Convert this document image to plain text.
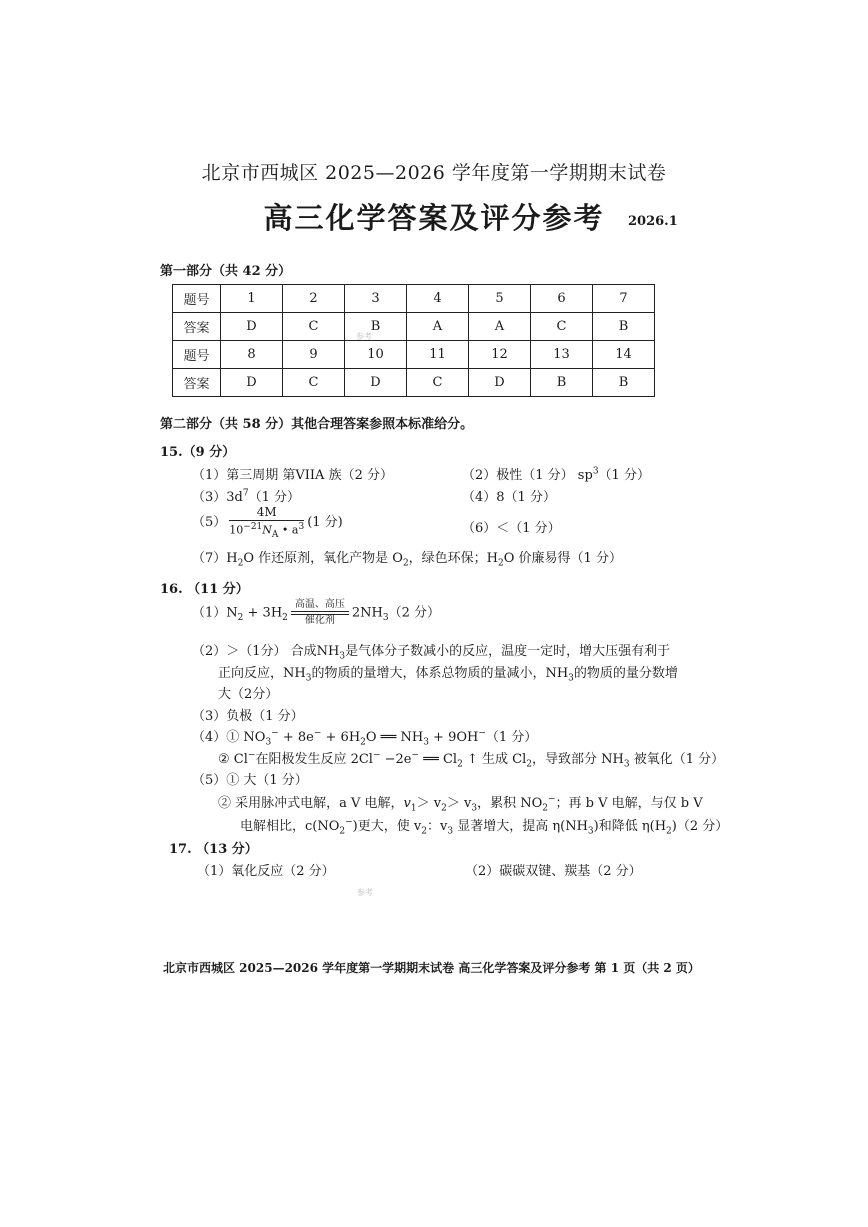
北京市西城区 2025—2026 学年度第一学期期末试卷
高三化学答案及评分参考	2026.1
第一部分（共 42 分）
题号	1	2	3	4	5	6	7
答案	D	C	B	A	A	C	B
题号	8	9	10	11	12	13	14
答案	D	C	D	C	D	B	B
参考
第二部分（共 58 分）其他合理答案参照本标准给分。
15.（9 分）
（1）第三周期 第VIIA 族（2 分）	（2）极性（1 分） $sp^3(1$ 分）
$(3)3d^7(1$ 分）	（4）8（1 分）
$(5) \frac{4M}{10^{-21}N_A • a^3} (1$ 分)	（6）＜（1 分）
$(7)H_2O$ 作还原剂，氧化产物是 $O_2$，绿色环保；$H_2O$ 价廉易得（1 分）
16. （11 分）
$(1)N_2 + 3H_2$
高温、高压
催化剂	$2NH_3(2$ 分）
（2）＞（1分） 合成$NH_3$是气体分子数减小的反应，温度一定时，增大压强有利于
正向反应，$NH_3$的物质的量增大，体系总物质的量减小，$NH_3$的物质的量分数增
大（2分）
（3）负极（1 分）
（4）① $NO_3^- + 8e^- + 6H_2O$ ══ $NH_3 + 9OH^-(1$ 分）
② Cl−在阳极发生反应 2Cl− −2e− ══ $Cl_2$ ↑ 生成 $Cl_2$，导致部分 $NH_3$ 被氧化（1 分）
（5）① 大（1 分）
② 采用脉冲式电解，a V 电解，$v_1> v_2> v_3$，累积 $NO_2^-$；再 b V 电解，与仅 b V
电解相比，$c(NO_2^-)$更大，使 $v_2$：$v_3$ 显著增大，提高 $\eta(NH_3)$和降低 $\eta(H_2)(2$ 分）
17. （13 分）
（1）氧化反应（2 分）	（2）碳碳双键、羰基（2 分）
参考
北京市西城区 2025—2026 学年度第一学期期末试卷 高三化学答案及评分参考 第 1 页（共 2 页）
